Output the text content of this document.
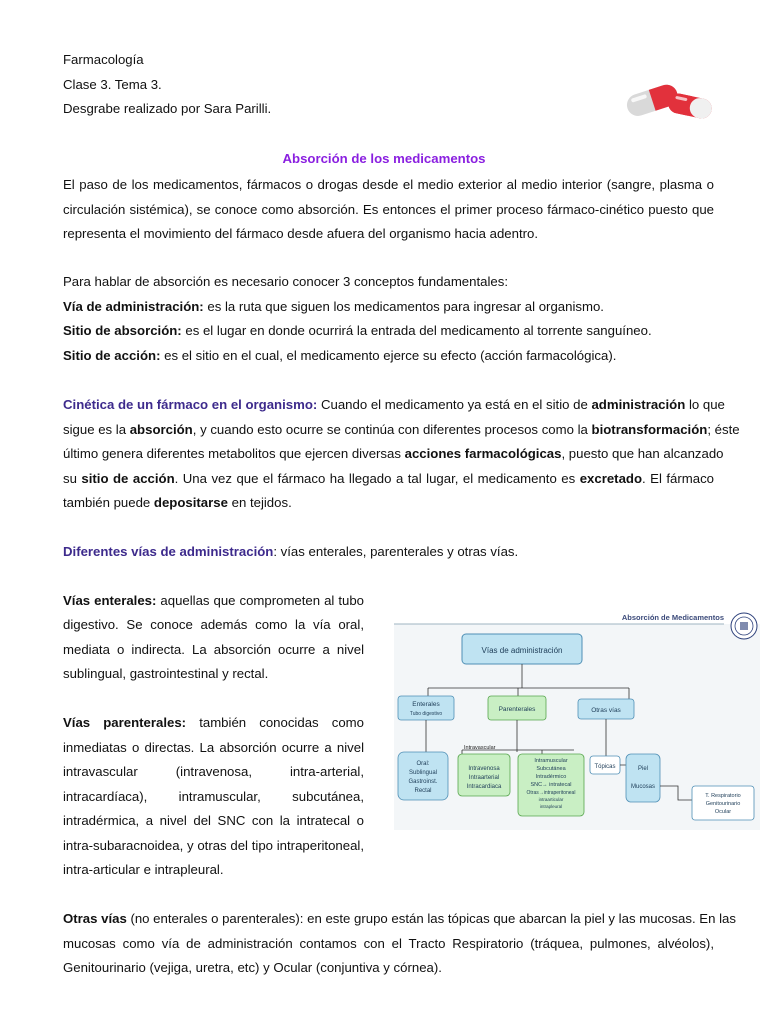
Farmacología
Clase 3. Tema 3.
Desgrabe realizado por Sara Parilli.
Absorción de los medicamentos
El paso de los medicamentos, fármacos o drogas desde el medio exterior al medio interior (sangre, plasma o
circulación sistémica), se conoce como absorción. Es entonces el primer proceso fármaco-cinético puesto que
representa el movimiento del fármaco desde afuera del organismo hacia adentro.
Para hablar de absorción es necesario conocer 3 conceptos fundamentales:
Vía de administración: es la ruta que siguen los medicamentos para ingresar al organismo.
Sitio de absorción: es el lugar en donde ocurrirá la entrada del medicamento al torrente sanguíneo.
Sitio de acción: es el sitio en el cual, el medicamento ejerce su efecto (acción farmacológica).
Cinética de un fármaco en el organismo: Cuando el medicamento ya está en el sitio de administración lo que
sigue es la absorción, y cuando esto ocurre se continúa con diferentes procesos como la biotransformación; éste
último genera diferentes metabolitos que ejercen diversas acciones farmacológicas, puesto que han alcanzado
su sitio de acción. Una vez que el fármaco ha llegado a tal lugar, el medicamento es excretado. El fármaco
también puede depositarse en tejidos.
Diferentes vías de administración: vías enterales, parenterales y otras vías.
Vías enterales: aquellas que comprometen al tubo
digestivo. Se conoce además como la vía oral,
mediata o indirecta. La absorción ocurre a nivel
sublingual, gastrointestinal y rectal.
Vías parenterales: también conocidas como
inmediatas o directas. La absorción ocurre a nivel
intravascular (intravenosa, intra-arterial,
intracardíaca), intramuscular, subcutánea,
intradérmica, a nivel del SNC con la intratecal o
intra-subaracnoidea, y otras del tipo intraperitoneal,
intra-articular e intrapleural.
Absorción de Medicamentos
Vías de administración
Enterales
Tubo digestivo
Parenterales	Otras vías
Intravascular
Oral:
Sublingual
Gastroinst.
Rectal
Intravenosa
Intraarterial
Intracardiaca
Intramuscular
Subcutánea
Intradérmico
SNC→ intratecal
Otras→intraperitoneal
intraarticular
intrapleural
Tópicas	Piel
Mucosas
T. Respiratorio
Genitourinario
Ocular
Otras vías (no enterales o parenterales): en este grupo están las tópicas que abarcan la piel y las mucosas. En las
mucosas como vía de administración contamos con el Tracto Respiratorio (tráquea, pulmones, alvéolos),
Genitourinario (vejiga, uretra, etc) y Ocular (conjuntiva y córnea).
